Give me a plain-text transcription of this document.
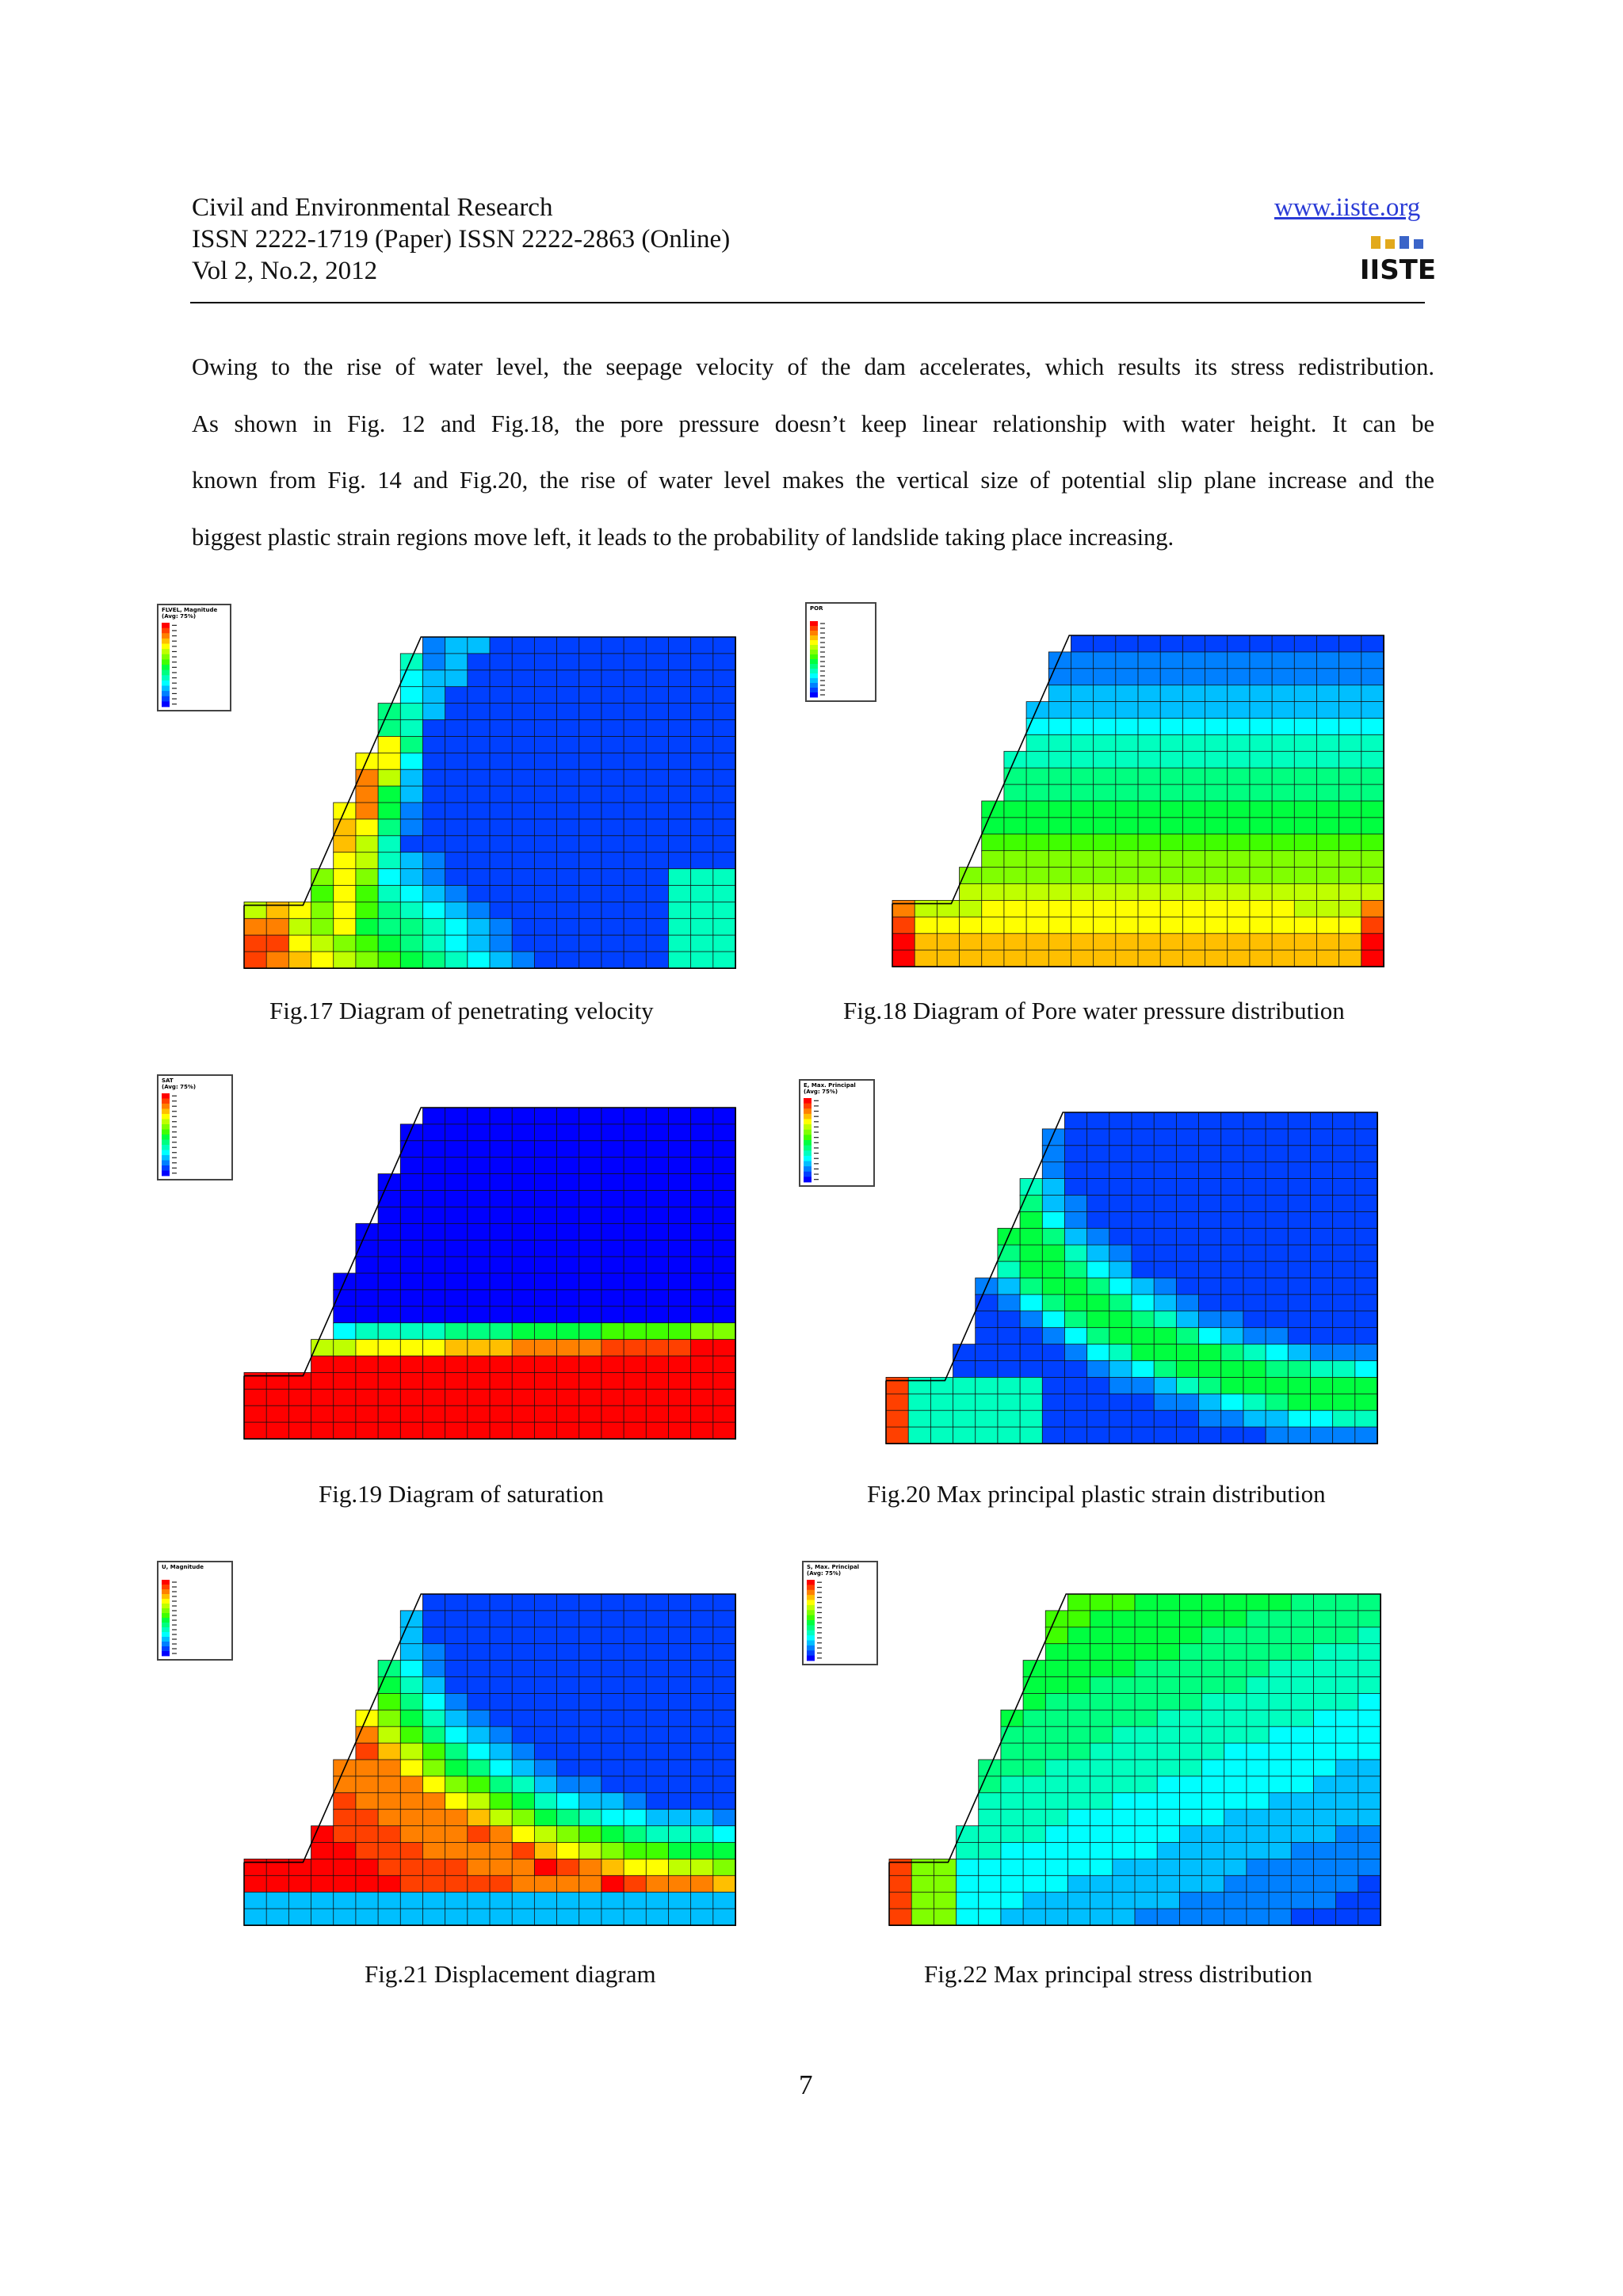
Civil and Environmental Research
ISSN 2222-1719 (Paper) ISSN 2222-2863 (Online)
Vol 2, No.2, 2012
www.iiste.org
IISTE
Owing to the rise of water level, the seepage velocity of the dam accelerates, which results its stress redistribution.
As shown in Fig. 12 and Fig.18, the pore pressure doesn’t keep linear relationship with water height. It can be
known from Fig. 14 and Fig.20, the rise of water level makes the vertical size of potential slip plane increase and the
biggest plastic strain regions move left, it leads to the probability of landslide taking place increasing.
FLVEL, Magnitude
(Avg: 75%)
Fig.17 Diagram of penetrating velocity
POR
Fig.18 Diagram of Pore water pressure distribution
SAT
(Avg: 75%)
Fig.19 Diagram of saturation
E, Max. Principal
(Avg: 75%)
Fig.20 Max principal plastic strain distribution
U, Magnitude
Fig.21 Displacement diagram
S, Max. Principal
(Avg: 75%)
Fig.22 Max principal stress distribution
7
